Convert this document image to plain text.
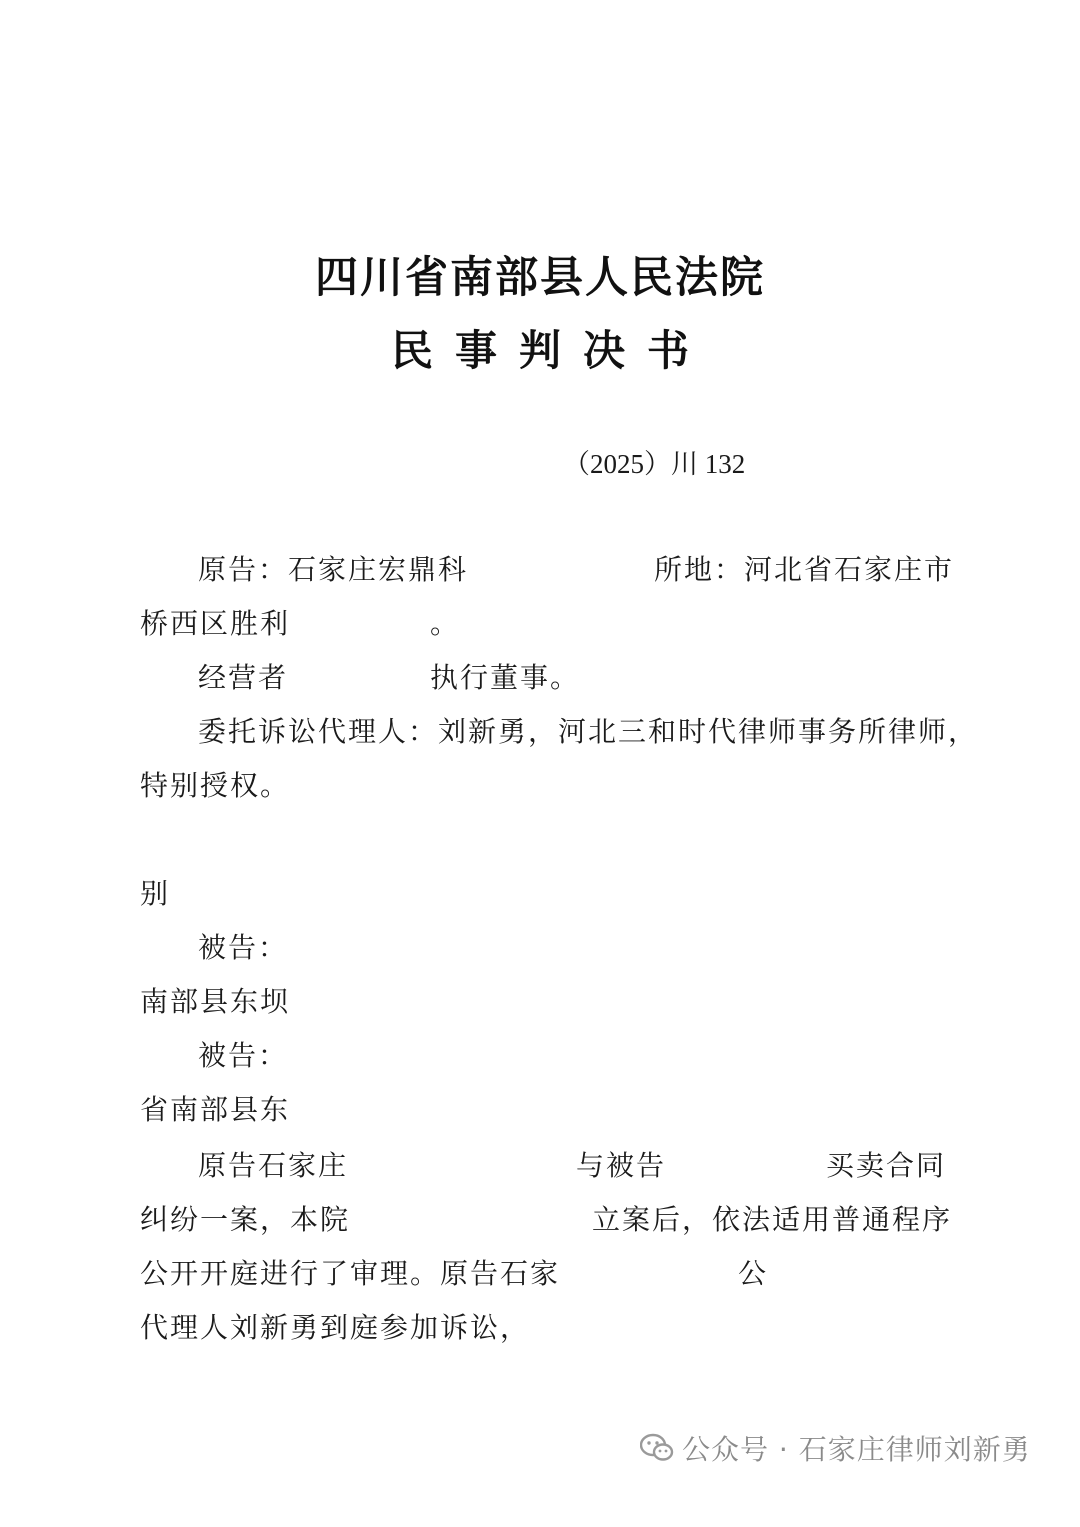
四川省南部县人民法院
民事判决书
（2025）川 132
原告：石家庄宏鼎科	所地：河北省石家庄市
桥西区胜利	。
经营者	执行董事。
委托诉讼代理人：刘新勇，河北三和时代律师事务所律师，
特别授权。
别
被告：
南部县东坝
被告：
省南部县东
原告石家庄	与被告	买卖合同
纠纷一案，本院	立案后，依法适用普通程序
公开开庭进行了审理。原告石家	公
代理人刘新勇到庭参加诉讼，
公众号 · 石家庄律师刘新勇
